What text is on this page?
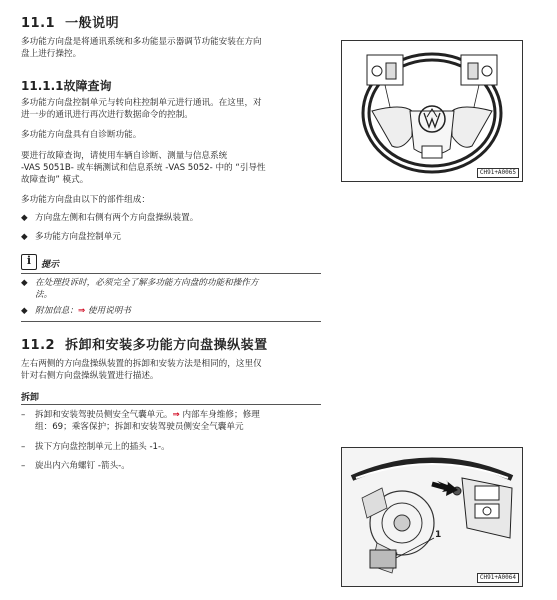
11.1 一般说明
多功能方向盘是将通讯系统和多功能显示器调节功能安装在方向
盘上进行操控。
11.1.1故障查询
多功能方向盘控制单元与转向柱控制单元进行通讯。在这里，对
进一步的通讯进行再次进行数据命令的控制。
多功能方向盘具有自诊断功能。
要进行故障查询，请使用车辆自诊断、测量与信息系统
-VAS 5051B- 或车辆测试和信息系统 -VAS 5052- 中的 “引导性
故障查询” 模式。
多功能方向盘由以下的部件组成：
◆ 方向盘左侧和右侧有两个方向盘操纵装置。
◆ 多功能方向盘控制单元
i	提示
◆ 在处理投诉时，必须完全了解多功能方向盘的功能和操作方
法。
◆ 附加信息：⇒ 使用说明书
11.2 拆卸和安装多功能方向盘操纵装置
左右两侧的方向盘操纵装置的拆卸和安装方法是相同的，这里仅
针对右侧方向盘操纵装置进行描述。
拆卸
– 拆卸和安装驾驶员侧安全气囊单元。⇒ 内部车身维修；修理
组：69；乘客保护；拆卸和安装驾驶员侧安全气囊单元
– 拔下方向盘控制单元上的插头 -1-。
– 旋出内六角螺钉 -箭头-。
CH91+A0065
1
CH91+A0064
